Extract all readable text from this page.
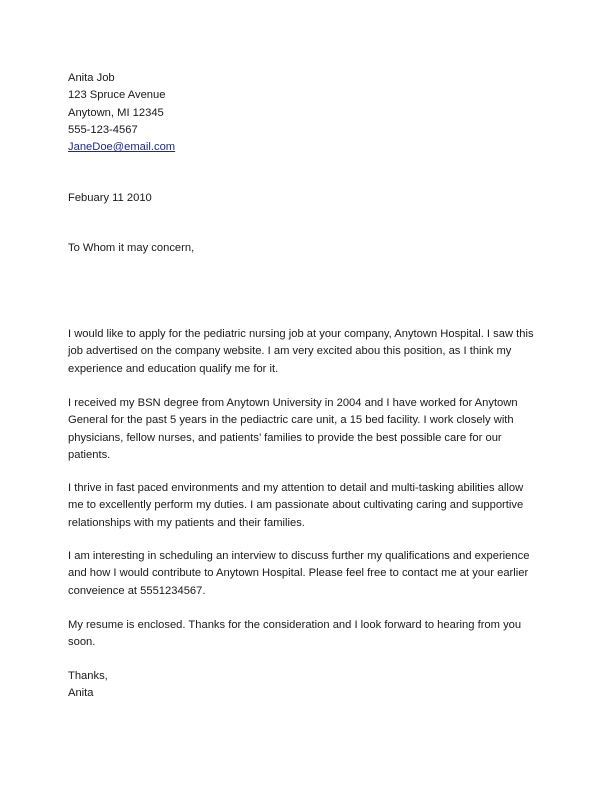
Anita Job
123 Spruce Avenue
Anytown, MI 12345
555-123-4567
JaneDoe@email.com
Febuary 11 2010
To Whom it may concern,
I would like to apply for the pediatric nursing job at your company, Anytown Hospital. I saw this
job advertised on the company website. I am very excited abou this position, as I think my
experience and education qualify me for it.
I received my BSN degree from Anytown University in 2004 and I have worked for Anytown
General for the past 5 years in the pediactric care unit, a 15 bed facility. I work closely with
physicians, fellow nurses, and patients’ families to provide the best possible care for our
patients.
I thrive in fast paced environments and my attention to detail and multi-tasking abilities allow
me to excellently perform my duties. I am passionate about cultivating caring and supportive
relationships with my patients and their families.
I am interesting in scheduling an interview to discuss further my qualifications and experience
and how I would contribute to Anytown Hospital. Please feel free to contact me at your earlier
conveience at 5551234567.
My resume is enclosed. Thanks for the consideration and I look forward to hearing from you
soon.
Thanks,
Anita
